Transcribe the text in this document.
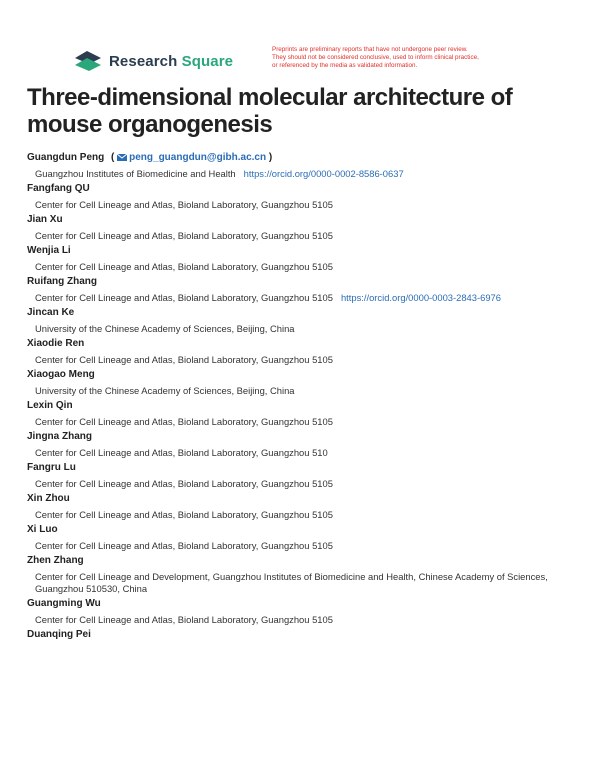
Research Square
Preprints are preliminary reports that have not undergone peer review.
They should not be considered conclusive, used to inform clinical practice,
or referenced by the media as validated information.
Three-dimensional molecular architecture of mouse organogenesis
Guangdun Peng ( peng_guangdun@gibh.ac.cn )
Guangzhou Institutes of Biomedicine and Health https://orcid.org/0000-0002-8586-0637
Fangfang QU
Center for Cell Lineage and Atlas, Bioland Laboratory, Guangzhou 5105
Jian Xu
Center for Cell Lineage and Atlas, Bioland Laboratory, Guangzhou 5105
Wenjia Li
Center for Cell Lineage and Atlas, Bioland Laboratory, Guangzhou 5105
Ruifang Zhang
Center for Cell Lineage and Atlas, Bioland Laboratory, Guangzhou 5105 https://orcid.org/0000-0003-2843-6976
Jincan Ke
University of the Chinese Academy of Sciences, Beijing, China
Xiaodie Ren
Center for Cell Lineage and Atlas, Bioland Laboratory, Guangzhou 5105
Xiaogao Meng
University of the Chinese Academy of Sciences, Beijing, China
Lexin Qin
Center for Cell Lineage and Atlas, Bioland Laboratory, Guangzhou 5105
Jingna Zhang
Center for Cell Lineage and Atlas, Bioland Laboratory, Guangzhou 510
Fangru Lu
Center for Cell Lineage and Atlas, Bioland Laboratory, Guangzhou 5105
Xin Zhou
Center for Cell Lineage and Atlas, Bioland Laboratory, Guangzhou 5105
Xi Luo
Center for Cell Lineage and Atlas, Bioland Laboratory, Guangzhou 5105
Zhen Zhang
Center for Cell Lineage and Development, Guangzhou Institutes of Biomedicine and Health, Chinese Academy of Sciences, Guangzhou 510530, China
Guangming Wu
Center for Cell Lineage and Atlas, Bioland Laboratory, Guangzhou 5105
Duanqing Pei
